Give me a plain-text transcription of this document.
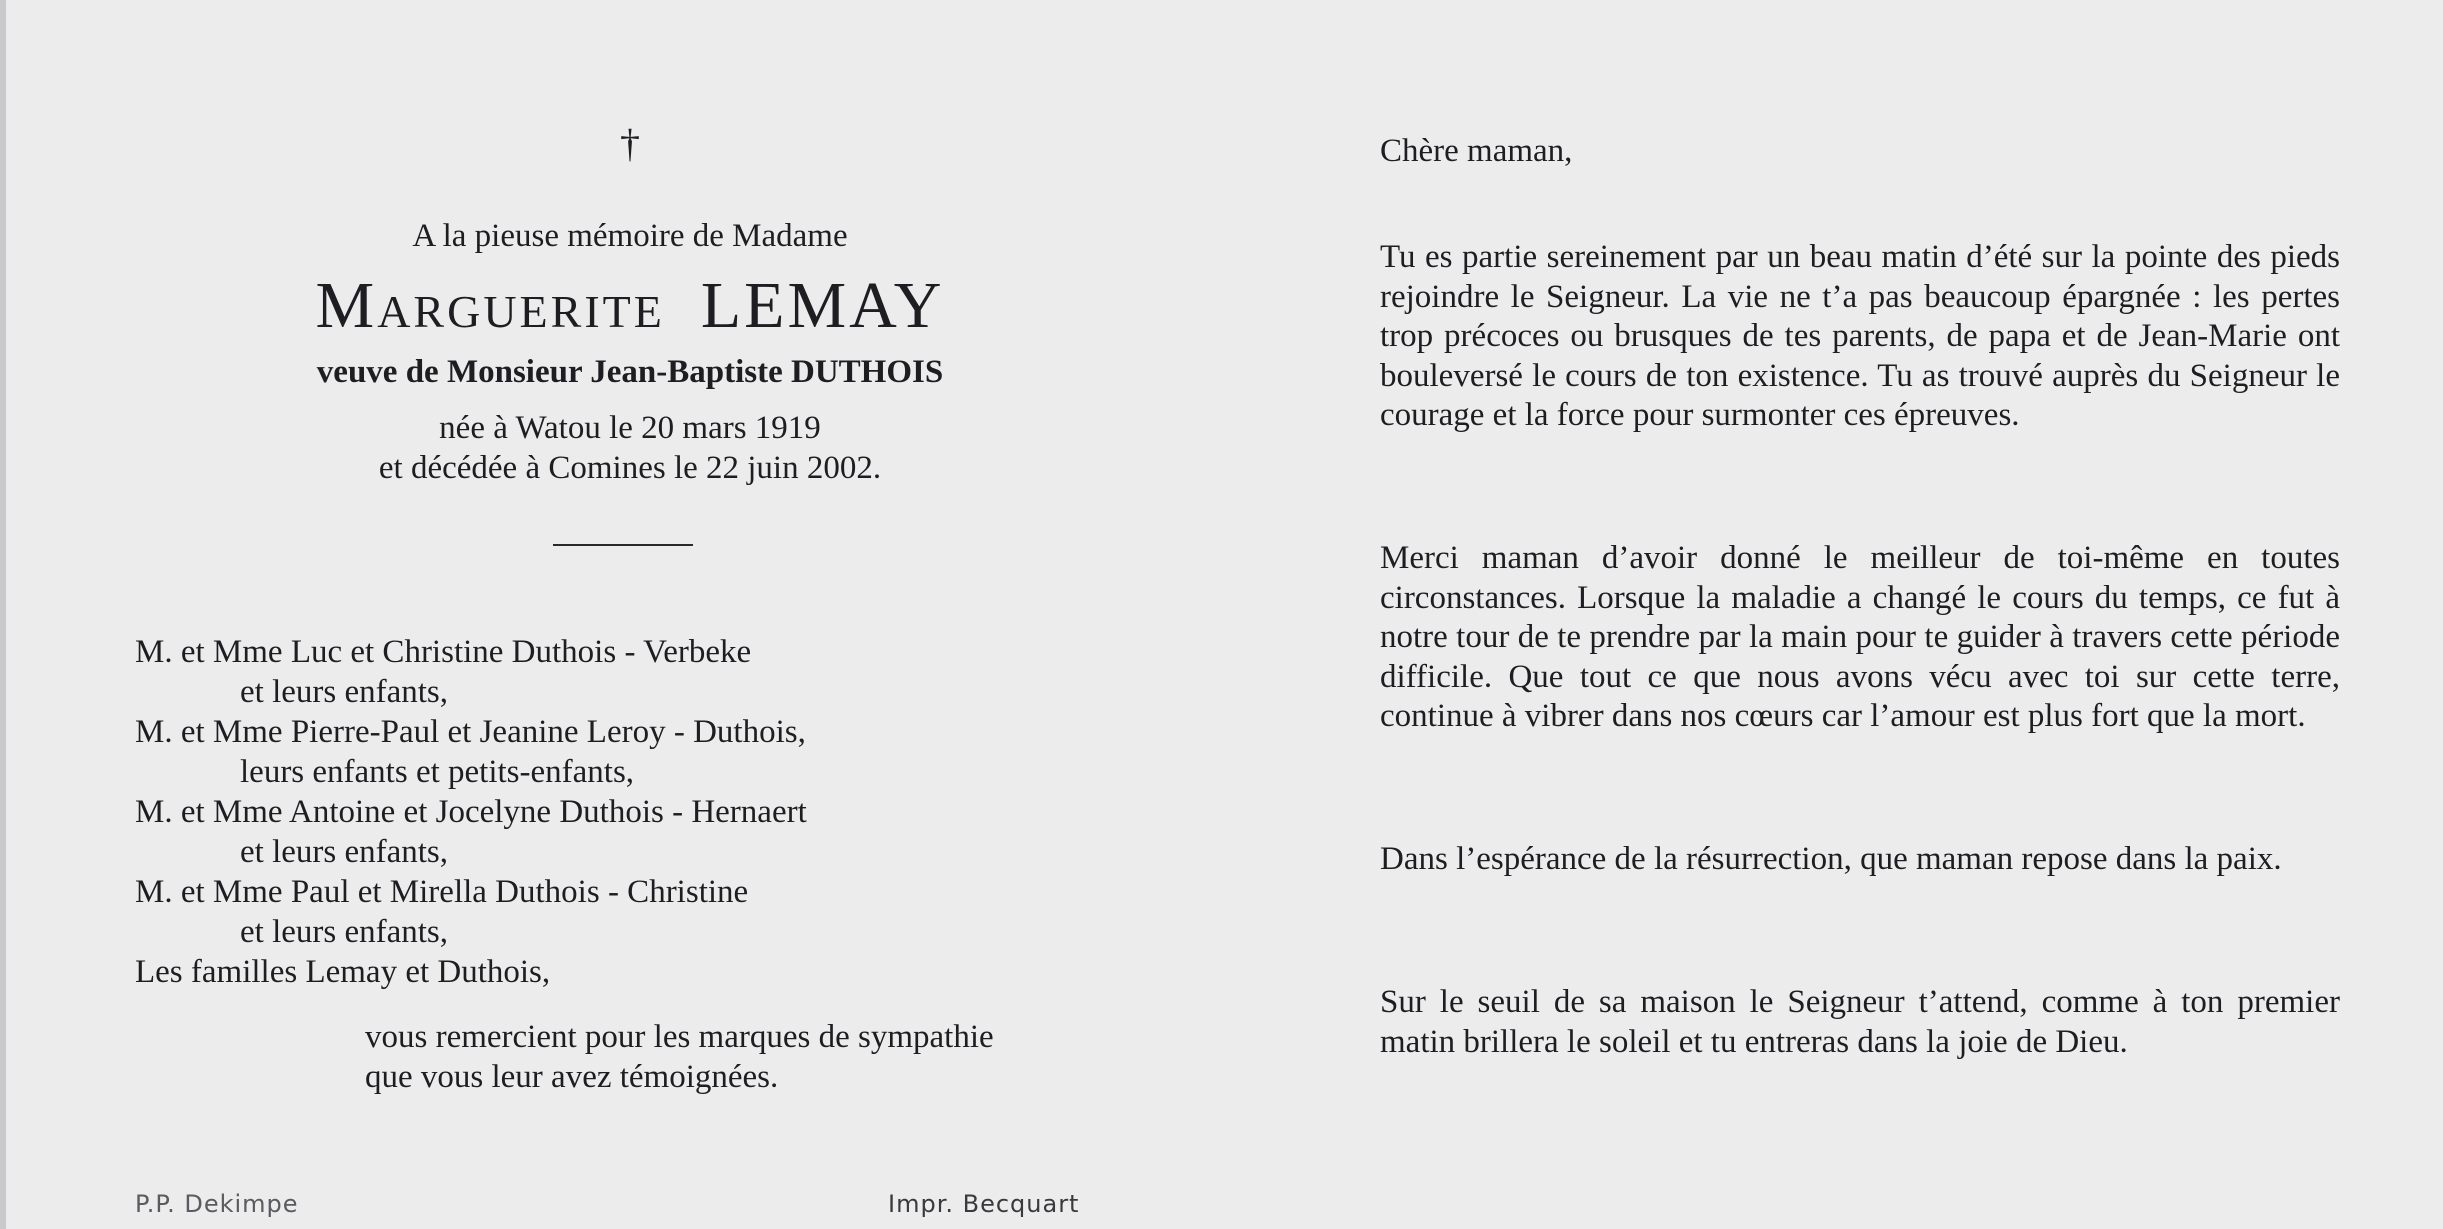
†
A la pieuse mémoire de Madame
Marguerite LEMAY
veuve de Monsieur Jean-Baptiste DUTHOIS
née à Watou le 20 mars 1919
et décédée à Comines le 22 juin 2002.
M. et Mme Luc et Christine Duthois - Verbeke
et leurs enfants,
M. et Mme Pierre-Paul et Jeanine Leroy - Duthois,
leurs enfants et petits-enfants,
M. et Mme Antoine et Jocelyne Duthois - Hernaert
et leurs enfants,
M. et Mme Paul et Mirella Duthois - Christine
et leurs enfants,
Les familles Lemay et Duthois,
vous remercient pour les marques de sympathie
que vous leur avez témoignées.
P.P. Dekimpe	Impr. Becquart
Chère maman,
Tu es partie sereinement par un beau matin d’été sur la pointe des pieds rejoindre le Seigneur. La vie ne t’a pas beaucoup épargnée : les pertes trop précoces ou brusques de tes parents, de papa et de Jean-Marie ont bouleversé le cours de ton existence. Tu as trouvé auprès du Seigneur le courage et la force pour surmonter ces épreuves.
Merci maman d’avoir donné le meilleur de toi-même en toutes circonstances. Lorsque la maladie a changé le cours du temps, ce fut à notre tour de te prendre par la main pour te guider à travers cette période difficile. Que tout ce que nous avons vécu avec toi sur cette terre, continue à vibrer dans nos cœurs car l’amour est plus fort que la mort.
Dans l’espérance de la résurrection, que maman repose dans la paix.
Sur le seuil de sa maison le Seigneur t’attend, comme à ton premier matin brillera le soleil et tu entreras dans la joie de Dieu.
